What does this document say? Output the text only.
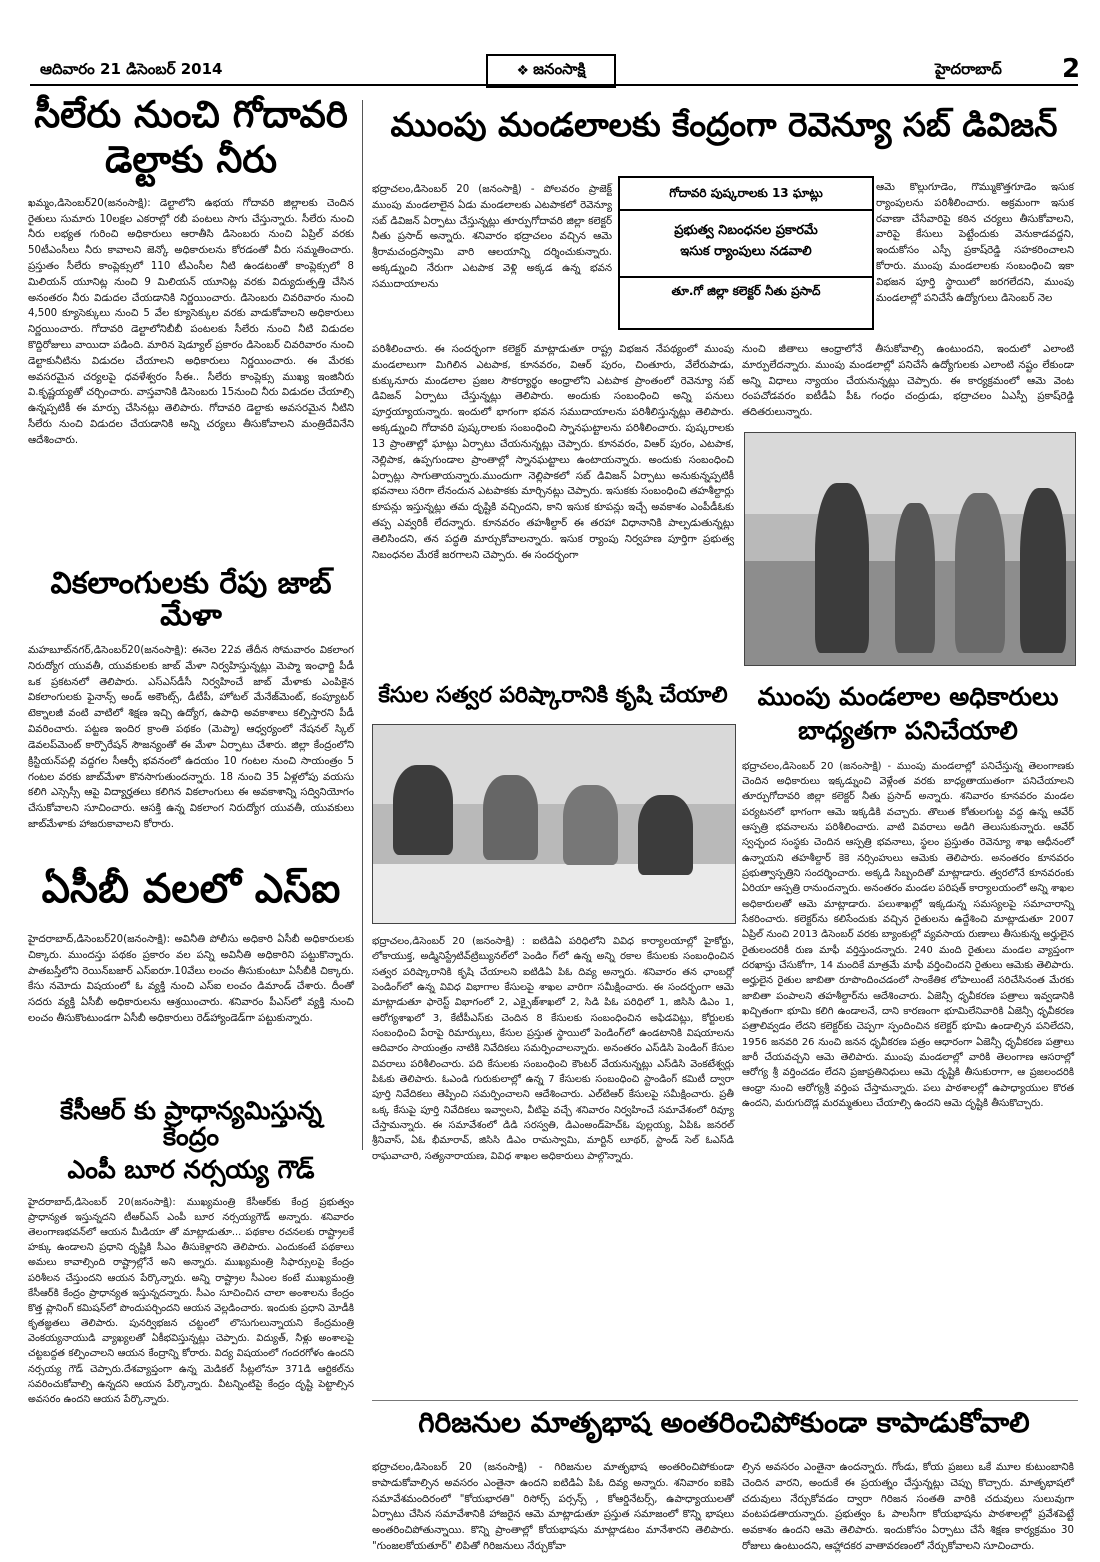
ఆదివారం 21 డిసెంబర్ 2014	❖ జనంసాక్షి	హైదరాబాద్ 2
సీలేరు నుంచి గోదావరి
డెల్టాకు నీరు
ఖమ్మం,డిసెంబర్20(జనంసాక్షి): డెల్టాలోని ఉభయ గోదావరి జిల్లాలకు చెందిన రైతులు సుమారు 10లక్షల ఎకరాల్లో రబీ పంటలు సాగు చేస్తున్నారు. సీలేరు నుంచి నీరు లభ్యత గురించి అధికారులు ఆరాతీసి డిసెంబరు నుంచి ఏప్రిల్ వరకు 50టీఎంసీలు నీరు కావాలని జెన్కో అధికారులను కోరడంతో వీరు సమ్మతించారు. ప్రస్తుతం సీలేరు కాంప్లెక్సులో 110 టీఎంసీల నీటి ఉండటంతో కాంప్లెక్సులో 8 మిలియన్ యూనిట్ల నుంచి 9 మిలియన్ యూనిట్ల వరకు విద్యుదుత్పత్తి చేసిన అనంతరం నీరు విడుదల చేయడానికి నిర్ణయించారు. డిసెంబరు చివరివారం నుంచి 4,500 క్యూసెక్కులు నుంచి 5 వేల క్యూసెక్కుల వరకు వాడుకోవాలని అధికారులు నిర్ణయించారు. గోదావరి డెల్టాలోనిబీబీ పంటలకు సీలేరు నుంచి నీటి విడుదల కొద్దిరోజులు వాయిదా పడింది. మారిన షెడ్యూల్ ప్రకారం డిసెంబర్ చివరివారం నుంచి డెల్టాకునీటిను విడుదల చేయాలని అధికారులు నిర్ణయించారు. ఈ మేరకు అవసరమైన చర్యలపై ధవళేశ్వరం సీఈ.. సీలేరు కాంప్లెక్సు ముఖ్య ఇంజినీరు వి.కృష్ణయ్యతో చర్చించారు. వాస్తవానికి డిసెంబరు 15నుంచి నీరు విడుదల చేయాల్సి ఉన్నప్పటికీ ఈ మార్పు చేసినట్లు తెలిపారు. గోదావరి డెల్టాకు అవసరమైన నీటిని సీలేరు నుంచి విడుదల చేయడానికి అన్ని చర్యలు తీసుకోవాలని మంత్రిదేవినేని ఆదేశించారు.
వికలాంగులకు రేపు జాబ్ మేళా
మహబూబ్‌నగర్,డిసెంబర్20(జనంసాక్షి): ఈనెల 22వ తేదీన సోమవారం వికలాంగ నిరుద్యోగ యువతీ, యువకులకు జాబ్ మేళా నిర్వహిస్తున్నట్లు మెప్మా ఇంఛార్జి పీడీ ఒక ప్రకటనలో తెలిపారు. ఎస్ఎస్‌డీసీ నిర్వహించే జాబ్ మేళాకు ఎంపికైన వికలాంగులకు ఫైనాన్స్ అండ్ అకౌంట్స్, డీటీపీ, హోటల్ మేనేజ్‌మెంట్, కంప్యూటర్ టెక్నాలజీ వంటి వాటిలో శిక్షణ ఇచ్చి ఉద్యోగ, ఉపాధి అవకాశాలు కల్పిస్తారని పీడీ వివరించారు. పట్టణ ఇందిర క్రాంతి పథకం (మెప్మా) ఆధ్వర్యంలో నేషనల్ స్కిల్ డెవలప్‌మెంట్ కార్పొరేషన్ సౌజన్యంతో ఈ మేళా ఏర్పాటు చేశారు. జిల్లా కేంద్రంలోని క్రిస్టియన్‌పల్లి వద్దగల సీఆర్పీ భవనంలో ఉదయం 10 గంటల నుంచి సాయంత్రం 5 గంటల వరకు జాబ్‌మేళా కొనసాగుతుందన్నారు. 18 నుంచి 35 ఏళ్లలోపు వయసు కలిగి ఎస్సెస్సీ ఆపై విద్యార్హతలు కలిగిన వికలాంగులు ఈ అవకాశాన్ని సద్వినియోగం చేసుకోవాలని సూచించారు. ఆసక్తి ఉన్న వికలాంగ నిరుద్యోగ యువతీ, యువకులు జాబ్‌మేళాకు హాజరుకావాలని కోరారు.
ఏసీబీ వలలో ఎస్ఐ
హైదరాబాద్,డిసెంబర్20(జనంసాక్షి): అవినీతి పోలీసు అధికారి ఏసీబీ అధికారులకు చిక్కారు. ముందస్తు పథకం ప్రకారం వల పన్ని అవినీతి అధికారిని పట్టుకొన్నారు. పాతబస్తీలోని రెయిన్‌బజార్ ఎస్ఐరూ.10వేలు లంచం తీసుకుంటూ ఏసీబీకి చిక్కారు. కేసు నమోదు విషయంలో ఓ వ్యక్తి నుంచి ఎస్ఐ లంచం డిమాండ్ చేశారు. దీంతో సదరు వ్యక్తి ఏసీబీ అధికారులను ఆశ్రయించారు. శనివారం పీఎస్‌లో వ్యక్తి నుంచి లంచం తీసుకొంటుండగా ఏసీబీ అధికారులు రెడ్‌హ్యాండెడ్‌గా పట్టుకున్నారు.
కేసీఆర్ కు ప్రాధాన్యమిస్తున్న కేంద్రం
ఎంపీ బూర నర్సయ్య గౌడ్
హైదరాబాద్,డిసెంబర్ 20(జనంసాక్షి): ముఖ్యమంత్రి కేసీఆర్‌కు కేంద్ర ప్రభుత్వం ప్రాధాన్యత ఇస్తున్నదని టీఆర్ఎస్ ఎంపీ బూర నర్సయ్యగౌడ్ అన్నారు. శనివారం తెలంగాణభవన్‌లో ఆయన మీడియా తో మాట్లాడుతూ... పథకాల రచనలకు రాష్ట్రాలకే హక్కు ఉండాలని ప్రధాని దృష్టికి సీఎం తీసుకెళ్లారని తెలిపారు. ఎందుకంటే పథకాలు అమలు కావాల్సింది రాష్ట్రాల్లోనే అని అన్నారు. ముఖ్యమంత్రి సిఫార్సులపై కేంద్రం పరిశీలన చేస్తుందని ఆయన పేర్కొన్నారు. అన్ని రాష్ట్రాల సీఎంల కంటే ముఖ్యమంత్రి కేసీఆర్‌కి కేంద్రం ప్రాధాన్యత ఇస్తున్నదన్నారు. సీఎం సూచించిన చాలా అంశాలను కేంద్రం కొత్త ప్లానింగ్ కమిషన్‌లో పొందుపర్చిందని ఆయన వెల్లడించారు. ఇందుకు ప్రధాని మోడీకి కృతజ్ఞతలు తెలిపారు. పునర్విభజన చట్టంలో లొసుగులున్నాయని కేంద్రమంత్రి వెంకయ్యనాయుడి వ్యాఖ్యలతో ఏకీభవిస్తున్నట్లు చెప్పారు. విద్యుత్, నీళ్లు అంశాలపై చట్టబద్దత కల్పించాలని ఆయన కేంద్రాన్ని కోరారు. విద్య విషయంలో గందరగోళం ఉందని నర్సయ్య గౌడ్ చెప్పారు.దేశవ్యాప్తంగా ఉన్న మెడికల్ సీట్లలోనూ 371డి ఆర్టికల్‌ను సవరించుకోవాల్సి ఉన్నదని ఆయన పేర్కొన్నారు. వీటన్నింటిపై కేంద్రం దృష్టి పెట్టాల్సిన అవసరం ఉందని ఆయన పేర్కొన్నారు.
ముంపు మండలాలకు కేంద్రంగా రెవెన్యూ సబ్ డివిజన్
భద్రాచలం,డిసెంబర్ 20 (జనంసాక్షి) - పోలవరం ప్రాజెక్ట్ ముంపు మండలాలైన ఏడు మండలాలకు ఎటపాకలో రెవెన్యూ సబ్ డివిజన్ ఏర్పాటు చేస్తున్నట్లు తూర్పుగోదావరి జిల్లా కలెక్టర్ నీతు ప్రసాద్ అన్నారు. శనివారం భద్రాచలం వచ్చిన ఆమె శ్రీరామచంద్రస్వామి వారి ఆలయాన్ని దర్శించుకున్నారు. అక్కడ్నుంచి నేరుగా ఎటపాక వెళ్లి అక్కడ ఉన్న భవన సముదాయాలను
గోదావరి పుష్కరాలకు 13 ఘాట్లు
ప్రభుత్వ నిబంధనల ప్రకారమే
ఇసుక ర్యాంపులు నడవాలి
తూ.గో జిల్లా కలెక్టర్ నీతు ప్రసాద్
ఆమె కొల్లుగూడెం, గొమ్ముకొత్తగూడెం ఇసుక ర్యాంపులను పరిశీలించారు. అక్రమంగా ఇసుక రవాణా చేసేవారిపై కఠిన చర్యలు తీసుకోవాలని, వారిపై కేసులు పెట్టేందుకు వెనుకాడవద్దని, ఇందుకోసం ఎస్పీ ప్రకాష్‌రెడ్డి సహకరించాలని కోరారు. ముంపు మండలాలకు సంబంధించి ఇకా విభజన పూర్తి స్థాయిలో జరగలేదని, ముంపు మండలాల్లో పనిచేసే ఉద్యోగులు డిసెంబర్ నెల
పరిశీలించారు. ఈ సందర్భంగా కలెక్టర్ మాట్లాడుతూ రాష్ట్ర విభజన నేపథ్యంలో ముంపు మండలాలుగా మిగిలిన ఎటపాక, కూనవరం, విఆర్ పురం, చింతూరు, వేలేరుపాడు, కుక్కునూరు మండలాల ప్రజల సౌకర్యార్థం ఆంధ్రాలోని ఎటపాక ప్రాంతంలో రెవెన్యూ సబ్ డివిజన్ ఏర్పాటు చేస్తున్నట్లు తెలిపారు. అందుకు సంబంధించి అన్ని పనులు పూర్తయ్యాయన్నారు. ఇందులో భాగంగా భవన సముదాయాలను పరిశీలిస్తున్నట్లు తెలిపారు. అక్కడ్నుంచి గోదావరి పుష్కరాలకు సంబంధించి స్నానఘట్టాలను పరిశీలించారు. పుష్కరాలకు 13 ప్రాంతాల్లో ఘాట్లు ఏర్పాటు చేయనున్నట్లు చెప్పారు. కూనవరం, విఆర్ పురం, ఎటపాక, నెల్లిపాక, ఉప్పగుండాల ప్రాంతాల్లో స్నానఘట్టాలు ఉంటాయన్నారు. అందుకు సంబంధించి ఏర్పాట్లు సాగుతాయన్నారు.ముందుగా నెల్లిపాకలో సబ్ డివిజన్ ఏర్పాటు అనుకున్నప్పటికీ భవనాలు సరిగా లేనందున ఎటపాకకు మార్చినట్లు చెప్పారు. ఇసుకకు సంబంధించి తహశీల్దార్లు కూపన్లు ఇస్తున్నట్లు తమ దృష్టికి వచ్చిందని, కాని ఇసుక కూపన్లు ఇచ్చే అవకాశం ఎంపీడీఓకు తప్ప ఎవ్వరికీ లేదన్నారు. కూనవరం తహశీల్దార్ ఈ తరహా విధానానికి పాల్పడుతున్నట్లు తెలిసిందని, తన పద్ధతి మార్చుకోవాలన్నారు. ఇసుక ర్యాంపు నిర్వహణ పూర్తిగా ప్రభుత్వ నిబంధనల మేరకే జరగాలని చెప్పారు. ఈ సందర్భంగా
నుంచి జీతాలు ఆంధ్రాలోనే తీసుకోవాల్సి ఉంటుందని, ఇందులో ఎలాంటి మార్పులేదన్నారు. ముంపు మండలాల్లో పనిచేసే ఉద్యోగులకు ఎలాంటి నష్టం లేకుండా అన్ని విధాలు న్యాయం చేయనున్నట్లు చెప్పారు. ఈ కార్యక్రమంలో ఆమె వెంట రంపచోడవరం ఐటీడీఏ పీఓ గంధం చంద్రుడు, భద్రాచలం ఏఎస్పీ ప్రకాష్‌రెడ్డి తదితరులున్నారు.
ముంపు మండలాల అధికారులు
బాధ్యతగా పనిచేయాలి
భద్రాచలం,డిసెంబర్ 20 (జనంసాక్షి) - ముంపు మండలాల్లో పనిచేస్తున్న తెలంగాణకు చెందిన అధికారులు ఇక్కడ్నుంచి వెళ్లేంత వరకు బాధ్యతాయుతంగా పనిచేయాలని తూర్పుగోదావరి జిల్లా కలెక్టర్ నీతు ప్రసాద్ అన్నారు. శనివారం కూనవరం మండల పర్యటనలో భాగంగా ఆమె ఇక్కడికి వచ్చారు. తొలుత కోతులగుట్ట వద్ద ఉన్న ఆవేర్ ఆస్పత్రి భవనాలను పరిశీలించారు. వాటి వివరాలు అడిగి తెలుసుకున్నారు. ఆవేర్ స్వచ్ఛంద సంస్థకు చెందిన ఆస్పత్రి భవనాలు, స్థలం ప్రస్తుతం రెవెన్యూ శాఖ ఆధీనంలో ఉన్నాయని తహశీల్దార్ కెకె నర్సింహులు ఆమెకు తెలిపారు. అనంతరం కూనవరం ప్రభుత్వాస్పత్రిని సందర్శించారు. అక్కడి సిబ్బందితో మాట్లాడారు. త్వరలోనే కూనవరంకు ఏరియా ఆస్పత్రి రానుందన్నారు. అనంతరం మండల పరిషత్ కార్యాలయంలో అన్ని శాఖల అధికారులతో ఆమె మాట్లాడారు. పలుశాఖల్లో ఇక్కడున్న సమస్యలపై సమాచారాన్ని సేకరించారు. కలెక్టర్‌ను కలిసేందుకు వచ్చిన రైతులను ఉద్దేశించి మాట్లాడుతూ 2007 ఏప్రిల్ నుంచి 2013 డిసెంబర్ వరకు బ్యాంకుల్లో వ్యవసాయ రుణాలు తీసుకున్న అర్హులైన రైతులందరికీ రుణ మాఫీ వర్తిస్తుందన్నారు. 240 మంది రైతులు మండల వ్యాప్తంగా దరఖాస్తు చేసుకోగా, 14 మందికే మాత్రమే మాఫీ వర్తించిందని రైతులు ఆమెకు తెలిపారు. అర్హులైన రైతుల జాబితా రూపొందించడంలో సాంకేతిక లోపాలుంటే సరిచేసినంత మేరకు జాబితా పంపాలని తహశీల్దార్‌ను ఆదేశించారు. ఏజెన్సీ ధృవీకరణ పత్రాలు ఇవ్వడానికి ఖచ్చితంగా భూమి కలిగి ఉండాలనే, దాని కారణంగా భూమిలేనివారికి ఏజెన్సీ ధృవీకరణ పత్రాలివ్వడం లేదని కలెక్టర్‌కు చెప్పగా స్పందించిన కలెక్టర్ భూమి ఉండాల్సిన పనిలేదని, 1956 జనవరి 26 నుంచి జనన ధృవీకరణ పత్రం ఆధారంగా ఏజెన్సీ ధృవీకరణ పత్రాలు జారీ చేయవచ్చని ఆమె తెలిపారు. ముంపు మండలాల్లో వారికి తెలంగాణ ఆసరాల్లో ఆరోగ్య శ్రీ వర్తించడం లేదని ప్రజాప్రతినిధులు ఆమె దృష్టికి తీసుకురాగా, ఆ ప్రజలందరికి ఆంధ్రా నుంచి ఆరోగ్యశ్రీ వర్తింప చేస్తామన్నారు. పలు పాఠశాలల్లో ఉపాధ్యాయుల కొరత ఉందని, మరుగుదొడ్ల మరమ్మతులు చేయాల్సి ఉందని ఆమె దృష్టికి తీసుకొచ్చారు.
కేసుల సత్వర పరిష్కారానికి కృషి చేయాలి
భద్రాచలం,డిసెంబర్ 20 (జనంసాక్షి) : ఐటిడిఏ పరిధిలోని వివిధ కార్యాలయాల్లో హైకోర్టు, లోకాయుక్త, అడ్మినిస్ట్రేటివ్‌ట్రిబ్యునల్‌లో పెండిం గ్‌లో ఉన్న అన్ని రకాల కేసులకు సంబంధించిన సత్వర పరిష్కారానికి కృషి చేయాలని ఐటిడిఏ పిఓ దివ్య అన్నారు. శనివారం తన ఛాంబర్లో పెండింగ్‌లో ఉన్న వివిధ విభాగాల కేసులపై శాఖల వారిగా సమీక్షించారు. ఈ సందర్భంగా ఆమె మాట్లాడుతూ ఫారెస్ట్ విభాగంలో 2, ఎక్సైజ్‌శాఖలో 2, సిడి పిఓ పరిధిలో 1, జిసిసి డిఎం 1, ఆరోగ్యశాఖలో 3, కేటీపీఎస్‌కు చెందిన 8 కేసులకు సంబంధించిన అఫిడవిట్లు, కోర్టులకు సంబంధించి పేరాపై రిమార్కులు, కేసుల ప్రస్తుత స్థాయిలో పెండింగ్‌లో ఉండటానికి విషయాలను ఆదివారం సాయంత్రం నాటికి నివేదికలు సమర్పించాలన్నారు. అనంతరం ఎస్‌డిసి పెండింగ్ కేసుల వివరాలు పరిశీలించారు. పది కేసులకు సంబంధించి కౌంటర్ వేయనున్నట్లు ఎస్‌డిసి వెంకటేశ్వర్లు పిఓకు తెలిపారు. ఓఎండి గురుకులాల్లో ఉన్న 7 కేసులకు సంబంధించి స్టాండింగ్ కమిటీ ద్వారా పూర్తి నివేదికలు తెప్పించి సమర్పించాలని ఆదేశించారు. ఎల్‌టిఆర్ కేసులపై సమీక్షించారు. ప్రతీ ఒక్క కేసుపై పూర్తి నివేదికలు ఇవ్వాలని, వీటిపై వచ్చే శనివారం నిర్వహించే సమావేశంలో రివ్యూ చేస్తామన్నారు. ఈ సమావేశంలో డిడి సరస్వతి, డిఎంఅండ్‌హెచ్ఓ పుల్లయ్య, ఏపిఓ జనరల్ శ్రీనివాస్, ఏఓ భీమారావ్, జిసిసి డిఎం రామస్వామి, మార్టిన్ లూథర్, స్టాండ్ సెల్ ఓఎస్‌డి రాఘవాచారి, సత్యనారాయణ, వివిధ శాఖల అధికారులు పాల్గొన్నారు.
గిరిజనుల మాతృభాష అంతరించిపోకుండా కాపాడుకోవాలి
భద్రాచలం,డిసెంబర్ 20 (జనంసాక్షి) - గిరిజనుల మాతృభాష అంతరించిపోకుండా కాపాడుకోవాల్సిన అవసరం ఎంతైనా ఉందని ఐటిడిఏ పిఓ దివ్య అన్నారు. శనివారం ఐకెపి సమావేశమందిరంలో "కోయభారతి" రిసోర్స్ పర్సన్స్ , కోఆర్డినేటర్స్, ఉపాధ్యాయులతో ఏర్పాటు చేసిన సమావేశానికి హాజరైన ఆమె మాట్లాడుతూ ప్రస్తుత సమాజంలో కొన్ని భాషలు అంతరించిపోతున్నాయి. కొన్ని ప్రాంతాల్లో కోయభాషను మాట్లాడటం మానేశారని తెలిపారు. "గుంజలకోయతూర్" లిపితో గిరిజనులు నేర్చుకోవా
ల్సిన అవసరం ఎంతైనా ఉందన్నారు. గోండు, కోయ ప్రజలు ఒకే మూల కుటుంబానికి చెందిన వారని, అందుకే ఈ ప్రయత్నం చేస్తున్నట్లు చెప్పు కొచ్చారు. మాతృభాషలో చదువులు నేర్చుకోవడం ద్వారా గిరిజన సంతతి వారికి చదువులు సులువుగా వంటపడతాయన్నారు. ప్రభుత్వం ఓ పాలసీగా కోయభాషను పాఠశాలల్లో ప్రవేశపెట్టే అవకాశం ఉందని ఆమె తెలిపారు. ఇందుకోసం ఏర్పాటు చేసే శిక్షణ కార్యక్రమం 30 రోజులు ఉంటుందని, ఆహ్లాదకర వాతావరణంలో నేర్చుకోవాలని సూచించారు.
